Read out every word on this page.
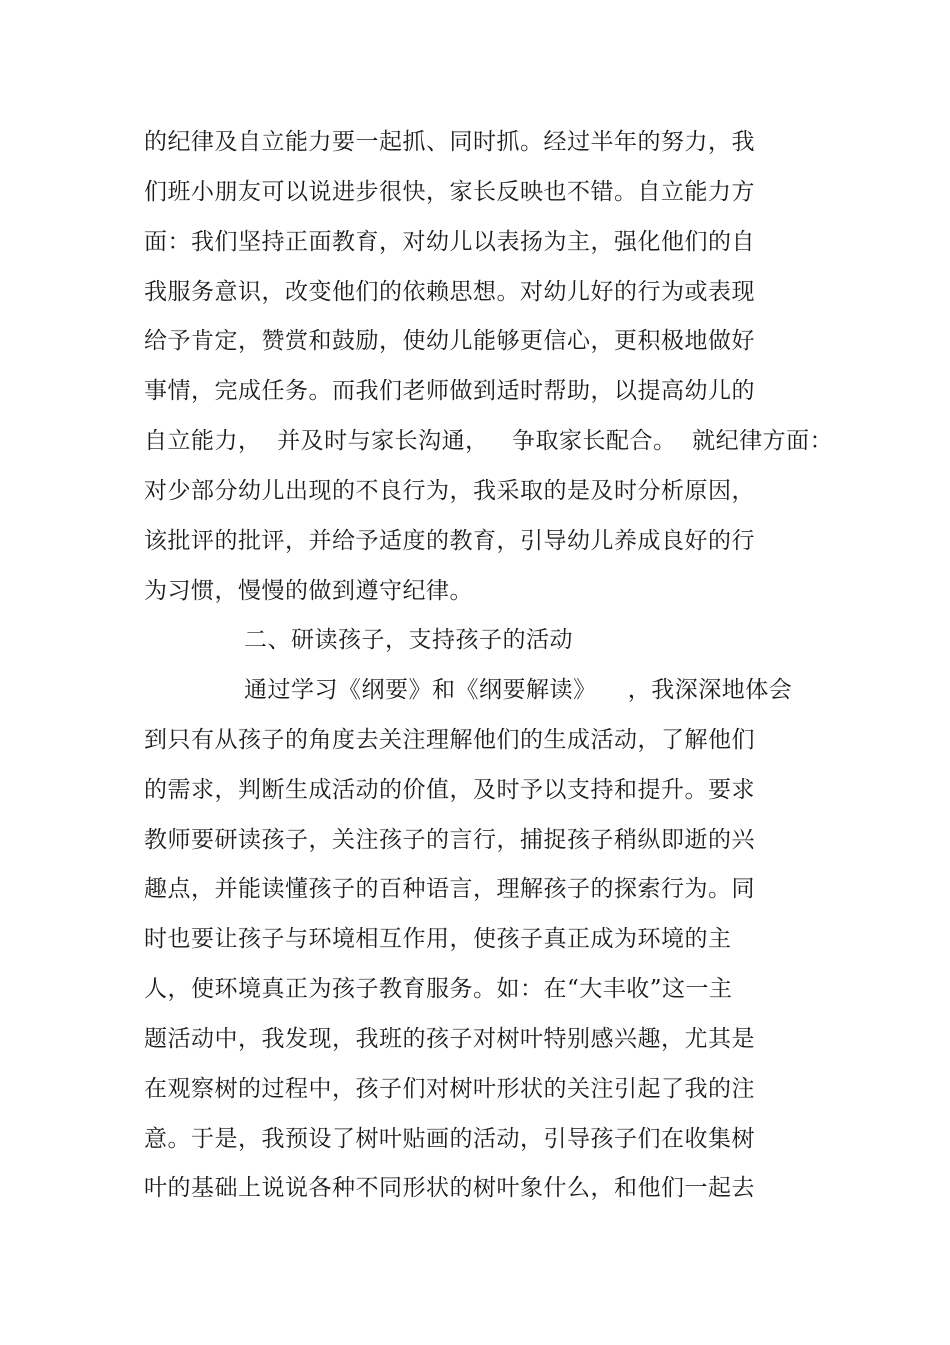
的纪律及自立能力要一起抓、同时抓。经过半年的努力，我
们班小朋友可以说进步很快，家长反映也不错。自立能力方
面：我们坚持正面教育，对幼儿以表扬为主，强化他们的自
我服务意识，改变他们的依赖思想。对幼儿好的行为或表现
给予肯定，赞赏和鼓励，使幼儿能够更信心，更积极地做好
事情，完成任务。而我们老师做到适时帮助，以提高幼儿的
自立能力，  并及时与家长沟通，   争取家长配合。  就纪律方面：
对少部分幼儿出现的不良行为，我采取的是及时分析原因，
该批评的批评，并给予适度的教育，引导幼儿养成良好的行
为习惯，慢慢的做到遵守纪律。
二、研读孩子，支持孩子的活动
通过学习《纲要》和《纲要解读》    ，我深深地体会
到只有从孩子的角度去关注理解他们的生成活动，了解他们
的需求，判断生成活动的价值，及时予以支持和提升。要求
教师要研读孩子，关注孩子的言行，捕捉孩子稍纵即逝的兴
趣点，并能读懂孩子的百种语言，理解孩子的探索行为。同
时也要让孩子与环境相互作用，使孩子真正成为环境的主
人，使环境真正为孩子教育服务。如：在“大丰收”这一主
题活动中，我发现，我班的孩子对树叶特别感兴趣，尤其是
在观察树的过程中，孩子们对树叶形状的关注引起了我的注
意。于是，我预设了树叶贴画的活动，引导孩子们在收集树
叶的基础上说说各种不同形状的树叶象什么，和他们一起去
